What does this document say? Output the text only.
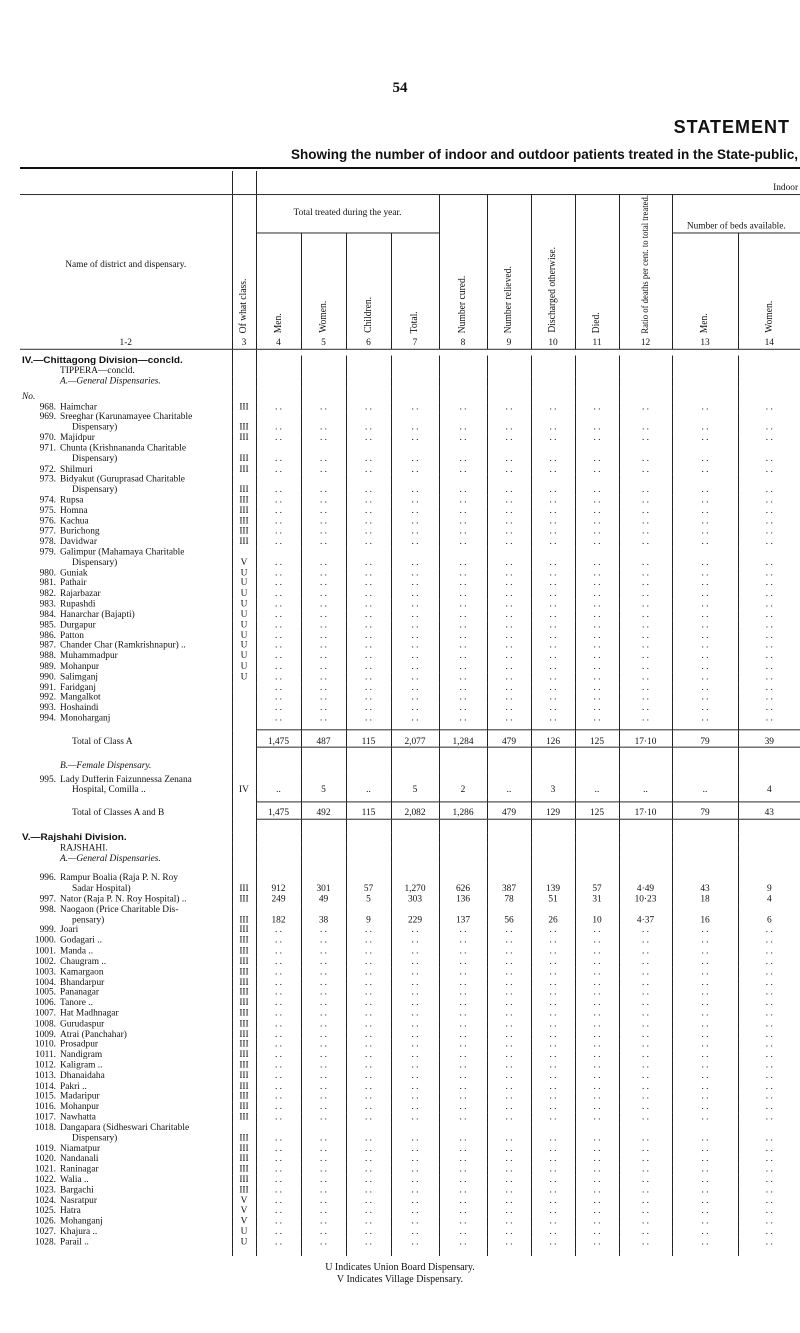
54
STATEMENT
Showing the number of indoor and outdoor patients treated in the State-public,
		Indoor										
Name of district and dispensary.	Of what class.	Total treated during the year.				Number cured.	Number relieved.	Discharged otherwise.	Died.	Ratio of deaths per cent. to total treated.	Number of beds available.	
		Men.	Women.	Children.	Total.						Men.	Women.
1-2	3	4	5	6	7	8	9	10	11	12	13	14

IV.—Chittagong Division—concld.												
TIPPERA—concld.												
A.—General Dispensaries.												
No.												

968. Haimchar	III	. .	. .	. .	. .	. .	. .	. .	. .	. .	. .	. .

969. Sreeghar (Karunamayee Charitable
Dispensary)	III	. .	. .	. .	. .	. .	. .	. .	. .	. .	. .	. .

970. Majidpur	III	. .	. .	. .	. .	. .	. .	. .	. .	. .	. .	. .

971. Chunta (Krishnananda Charitable
Dispensary)	III	. .	. .	. .	. .	. .	. .	. .	. .	. .	. .	. .

972. Shilmuri	III	. .	. .	. .	. .	. .	. .	. .	. .	. .	. .	. .

973. Bidyakut (Guruprasad Charitable
Dispensary)	III	. .	. .	. .	. .	. .	. .	. .	. .	. .	. .	. .

974. Rupsa	III	. .	. .	. .	. .	. .	. .	. .	. .	. .	. .	. .

975. Homna	III	. .	. .	. .	. .	. .	. .	. .	. .	. .	. .	. .

976. Kachua	III	. .	. .	. .	. .	. .	. .	. .	. .	. .	. .	. .

977. Burichong	III	. .	. .	. .	. .	. .	. .	. .	. .	. .	. .	. .

978. Davidwar	III	. .	. .	. .	. .	. .	. .	. .	. .	. .	. .	. .

979. Galimpur (Mahamaya Charitable
Dispensary)	V	. .	. .	. .	. .	. .	. .	. .	. .	. .	. .	. .

980. Guniak	U	. .	. .	. .	. .	. .	. .	. .	. .	. .	. .	. .

981. Pathair	U	. .	. .	. .	. .	. .	. .	. .	. .	. .	. .	. .

982. Rajarbazar	U	. .	. .	. .	. .	. .	. .	. .	. .	. .	. .	. .

983. Rupashdi	U	. .	. .	. .	. .	. .	. .	. .	. .	. .	. .	. .

984. Hanarchar (Bajapti)	U	. .	. .	. .	. .	. .	. .	. .	. .	. .	. .	. .

985. Durgapur	U	. .	. .	. .	. .	. .	. .	. .	. .	. .	. .	. .

986. Patton	U	. .	. .	. .	. .	. .	. .	. .	. .	. .	. .	. .

987. Chander Char (Ramkrishnapur) ..	U	. .	. .	. .	. .	. .	. .	. .	. .	. .	. .	. .

988. Muhammadpur	U	. .	. .	. .	. .	. .	. .	. .	. .	. .	. .	. .

989. Mohanpur	U	. .	. .	. .	. .	. .	. .	. .	. .	. .	. .	. .

990. Salimganj	U	. .	. .	. .	. .	. .	. .	. .	. .	. .	. .	. .

991. Faridganj		. .	. .	. .	. .	. .	. .	. .	. .	. .	. .	. .

992. Mangalkot		. .	. .	. .	. .	. .	. .	. .	. .	. .	. .	. .

993. Hoshaindi		. .	. .	. .	. .	. .	. .	. .	. .	. .	. .	. .

994. Monoharganj		. .	. .	. .	. .	. .	. .	. .	. .	. .	. .	. .

Total of Class A		1,475	487	115	2,077	1,284	479	126	125	17·10	79	39

B.—Female Dispensary.												

995. Lady Dufferin Faizunnessa Zenana
Hospital, Comilla ..	IV	..	5	..	5	2	..	3	..	..	..	4

Total of Classes A and B		1,475	492	115	2,082	1,286	479	129	125	17·10	79	43

V.—Rajshahi Division.												
RAJSHAHI.												
A.—General Dispensaries.												

996. Rampur Boalia (Raja P. N. Roy
Sadar Hospital)	III	912	301	57	1,270	626	387	139	57	4·49	43	9

997. Nator (Raja P. N. Roy Hospital) ..	III	249	49	5	303	136	78	51	31	10·23	18	4

998. Naogaon (Price Charitable Dis-
pensary)	III	182	38	9	229	137	56	26	10	4·37	16	6

999. Joari	III	. .	. .	. .	. .	. .	. .	. .	. .	. .	. .	. .

1000. Godagari ..	III	. .	. .	. .	. .	. .	. .	. .	. .	. .	. .	. .

1001. Manda ..	III	. .	. .	. .	. .	. .	. .	. .	. .	. .	. .	. .

1002. Chaugram ..	III	. .	. .	. .	. .	. .	. .	. .	. .	. .	. .	. .

1003. Kamargaon	III	. .	. .	. .	. .	. .	. .	. .	. .	. .	. .	. .

1004. Bhandarpur	III	. .	. .	. .	. .	. .	. .	. .	. .	. .	. .	. .

1005. Pananagar	III	. .	. .	. .	. .	. .	. .	. .	. .	. .	. .	. .

1006. Tanore ..	III	. .	. .	. .	. .	. .	. .	. .	. .	. .	. .	. .

1007. Hat Madhnagar	III	. .	. .	. .	. .	. .	. .	. .	. .	. .	. .	. .

1008. Gurudaspur	III	. .	. .	. .	. .	. .	. .	. .	. .	. .	. .	. .

1009. Atrai (Panchahar)	III	. .	. .	. .	. .	. .	. .	. .	. .	. .	. .	. .

1010. Prosadpur	III	. .	. .	. .	. .	. .	. .	. .	. .	. .	. .	. .

1011. Nandigram	III	. .	. .	. .	. .	. .	. .	. .	. .	. .	. .	. .

1012. Kaligram ..	III	. .	. .	. .	. .	. .	. .	. .	. .	. .	. .	. .

1013. Dhanaidaha	III	. .	. .	. .	. .	. .	. .	. .	. .	. .	. .	. .

1014. Pakri ..	III	. .	. .	. .	. .	. .	. .	. .	. .	. .	. .	. .

1015. Madaripur	III	. .	. .	. .	. .	. .	. .	. .	. .	. .	. .	. .

1016. Mohanpur	III	. .	. .	. .	. .	. .	. .	. .	. .	. .	. .	. .

1017. Nawhatta	III	. .	. .	. .	. .	. .	. .	. .	. .	. .	. .	. .

1018. Dangapara (Sidheswari Charitable
Dispensary)	III	. .	. .	. .	. .	. .	. .	. .	. .	. .	. .	. .

1019. Niamatpur	III	. .	. .	. .	. .	. .	. .	. .	. .	. .	. .	. .

1020. Nandanali	III	. .	. .	. .	. .	. .	. .	. .	. .	. .	. .	. .

1021. Raninagar	III	. .	. .	. .	. .	. .	. .	. .	. .	. .	. .	. .

1022. Walia ..	III	. .	. .	. .	. .	. .	. .	. .	. .	. .	. .	. .

1023. Bargachi	III	. .	. .	. .	. .	. .	. .	. .	. .	. .	. .	. .

1024. Nasratpur	V	. .	. .	. .	. .	. .	. .	. .	. .	. .	. .	. .

1025. Hatra	V	. .	. .	. .	. .	. .	. .	. .	. .	. .	. .	. .

1026. Mohanganj	V	. .	. .	. .	. .	. .	. .	. .	. .	. .	. .	. .

1027. Khajura ..	U	. .	. .	. .	. .	. .	. .	. .	. .	. .	. .	. .

1028. Parail ..	U	. .	. .	. .	. .	. .	. .	. .	. .	. .	. .	. .

U Indicates Union Board Dispensary.
V Indicates Village Dispensary.
